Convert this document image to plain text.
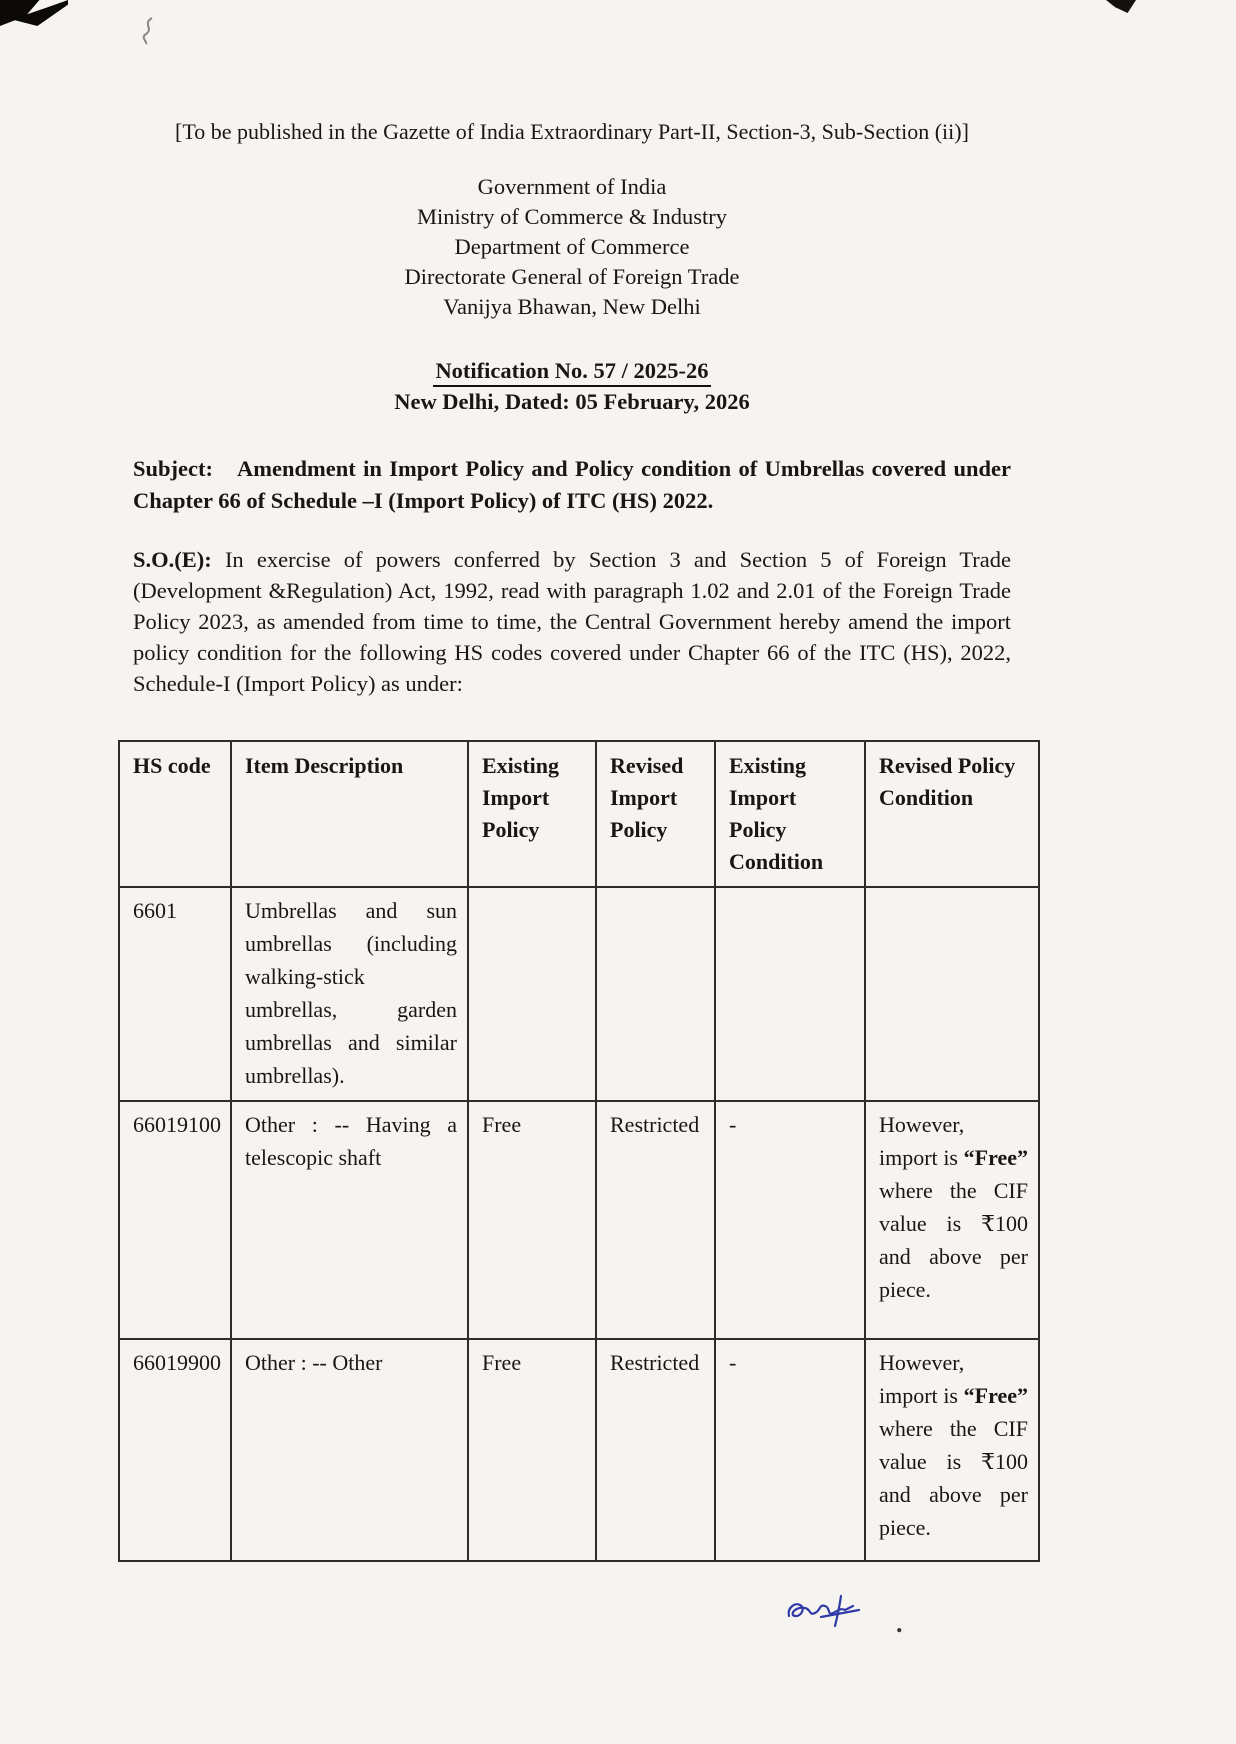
[To be published in the Gazette of India Extraordinary Part-II, Section-3, Sub-Section (ii)]

Government of India

Ministry of Commerce & Industry

Department of Commerce

Directorate General of Foreign Trade

Vanijya Bhawan, New Delhi

Notification No. 57 / 2025-26

New Delhi, Dated: 05 February, 2026

Subject: Amendment in Import Policy and Policy condition of Umbrellas covered under Chapter 66 of Schedule –I (Import Policy) of ITC (HS) 2022.

S.O.(E): In exercise of powers conferred by Section 3 and Section 5 of Foreign Trade (Development &Regulation) Act, 1992, read with paragraph 1.02 and 2.01 of the Foreign Trade Policy 2023, as amended from time to time, the Central Government hereby amend the import policy condition for the following HS codes covered under Chapter 66 of the ITC (HS), 2022, Schedule-I (Import Policy) as under:

HS code	Item Description	Existing Import Policy	Revised Import Policy	Existing Import Policy Condition	Revised Policy Condition
6601	Umbrellas and sun umbrellas (including walking-stick umbrellas, garden umbrellas and similar umbrellas).				
66019100	Other : -- Having a telescopic shaft	Free	Restricted	-	However, import is “Free” where the CIF value is ₹100 and above per piece.
66019900	Other : -- Other	Free	Restricted	-	However, import is “Free” where the CIF value is ₹100 and above per piece.
.
